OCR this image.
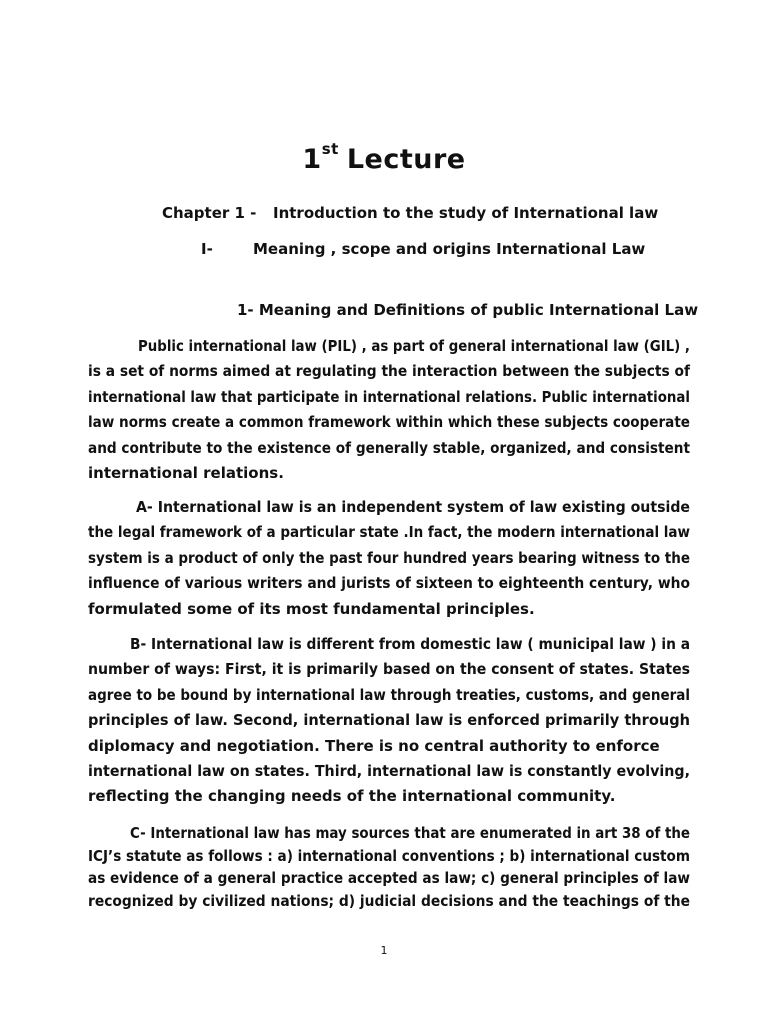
1st Lecture
Chapter 1 - Introduction to the study of International law
I-	Meaning , scope and origins International Law
1- Meaning and Definitions of public International Law
Public international law (PIL) , as part of general international law (GIL) ,
is a set of norms aimed at regulating the interaction between the subjects of
international law that participate in international relations. Public international
law norms create a common framework within which these subjects cooperate
and contribute to the existence of generally stable, organized, and consistent
international relations.
A- International law is an independent system of law existing outside
the legal framework of a particular state .In fact, the modern international law
system is a product of only the past four hundred years bearing witness to the
influence of various writers and jurists of sixteen to eighteenth century, who
formulated some of its most fundamental principles.
B- International law is different from domestic law ( municipal law ) in a
number of ways: First, it is primarily based on the consent of states. States
agree to be bound by international law through treaties, customs, and general
principles of law. Second, international law is enforced primarily through
diplomacy and negotiation. There is no central authority to enforce
international law on states. Third, international law is constantly evolving,
reflecting the changing needs of the international community.
C- International law has may sources that are enumerated in art 38 of the
ICJ’s statute as follows : a) international conventions ; b) international custom
as evidence of a general practice accepted as law; c) general principles of law
recognized by civilized nations; d) judicial decisions and the teachings of the
1
